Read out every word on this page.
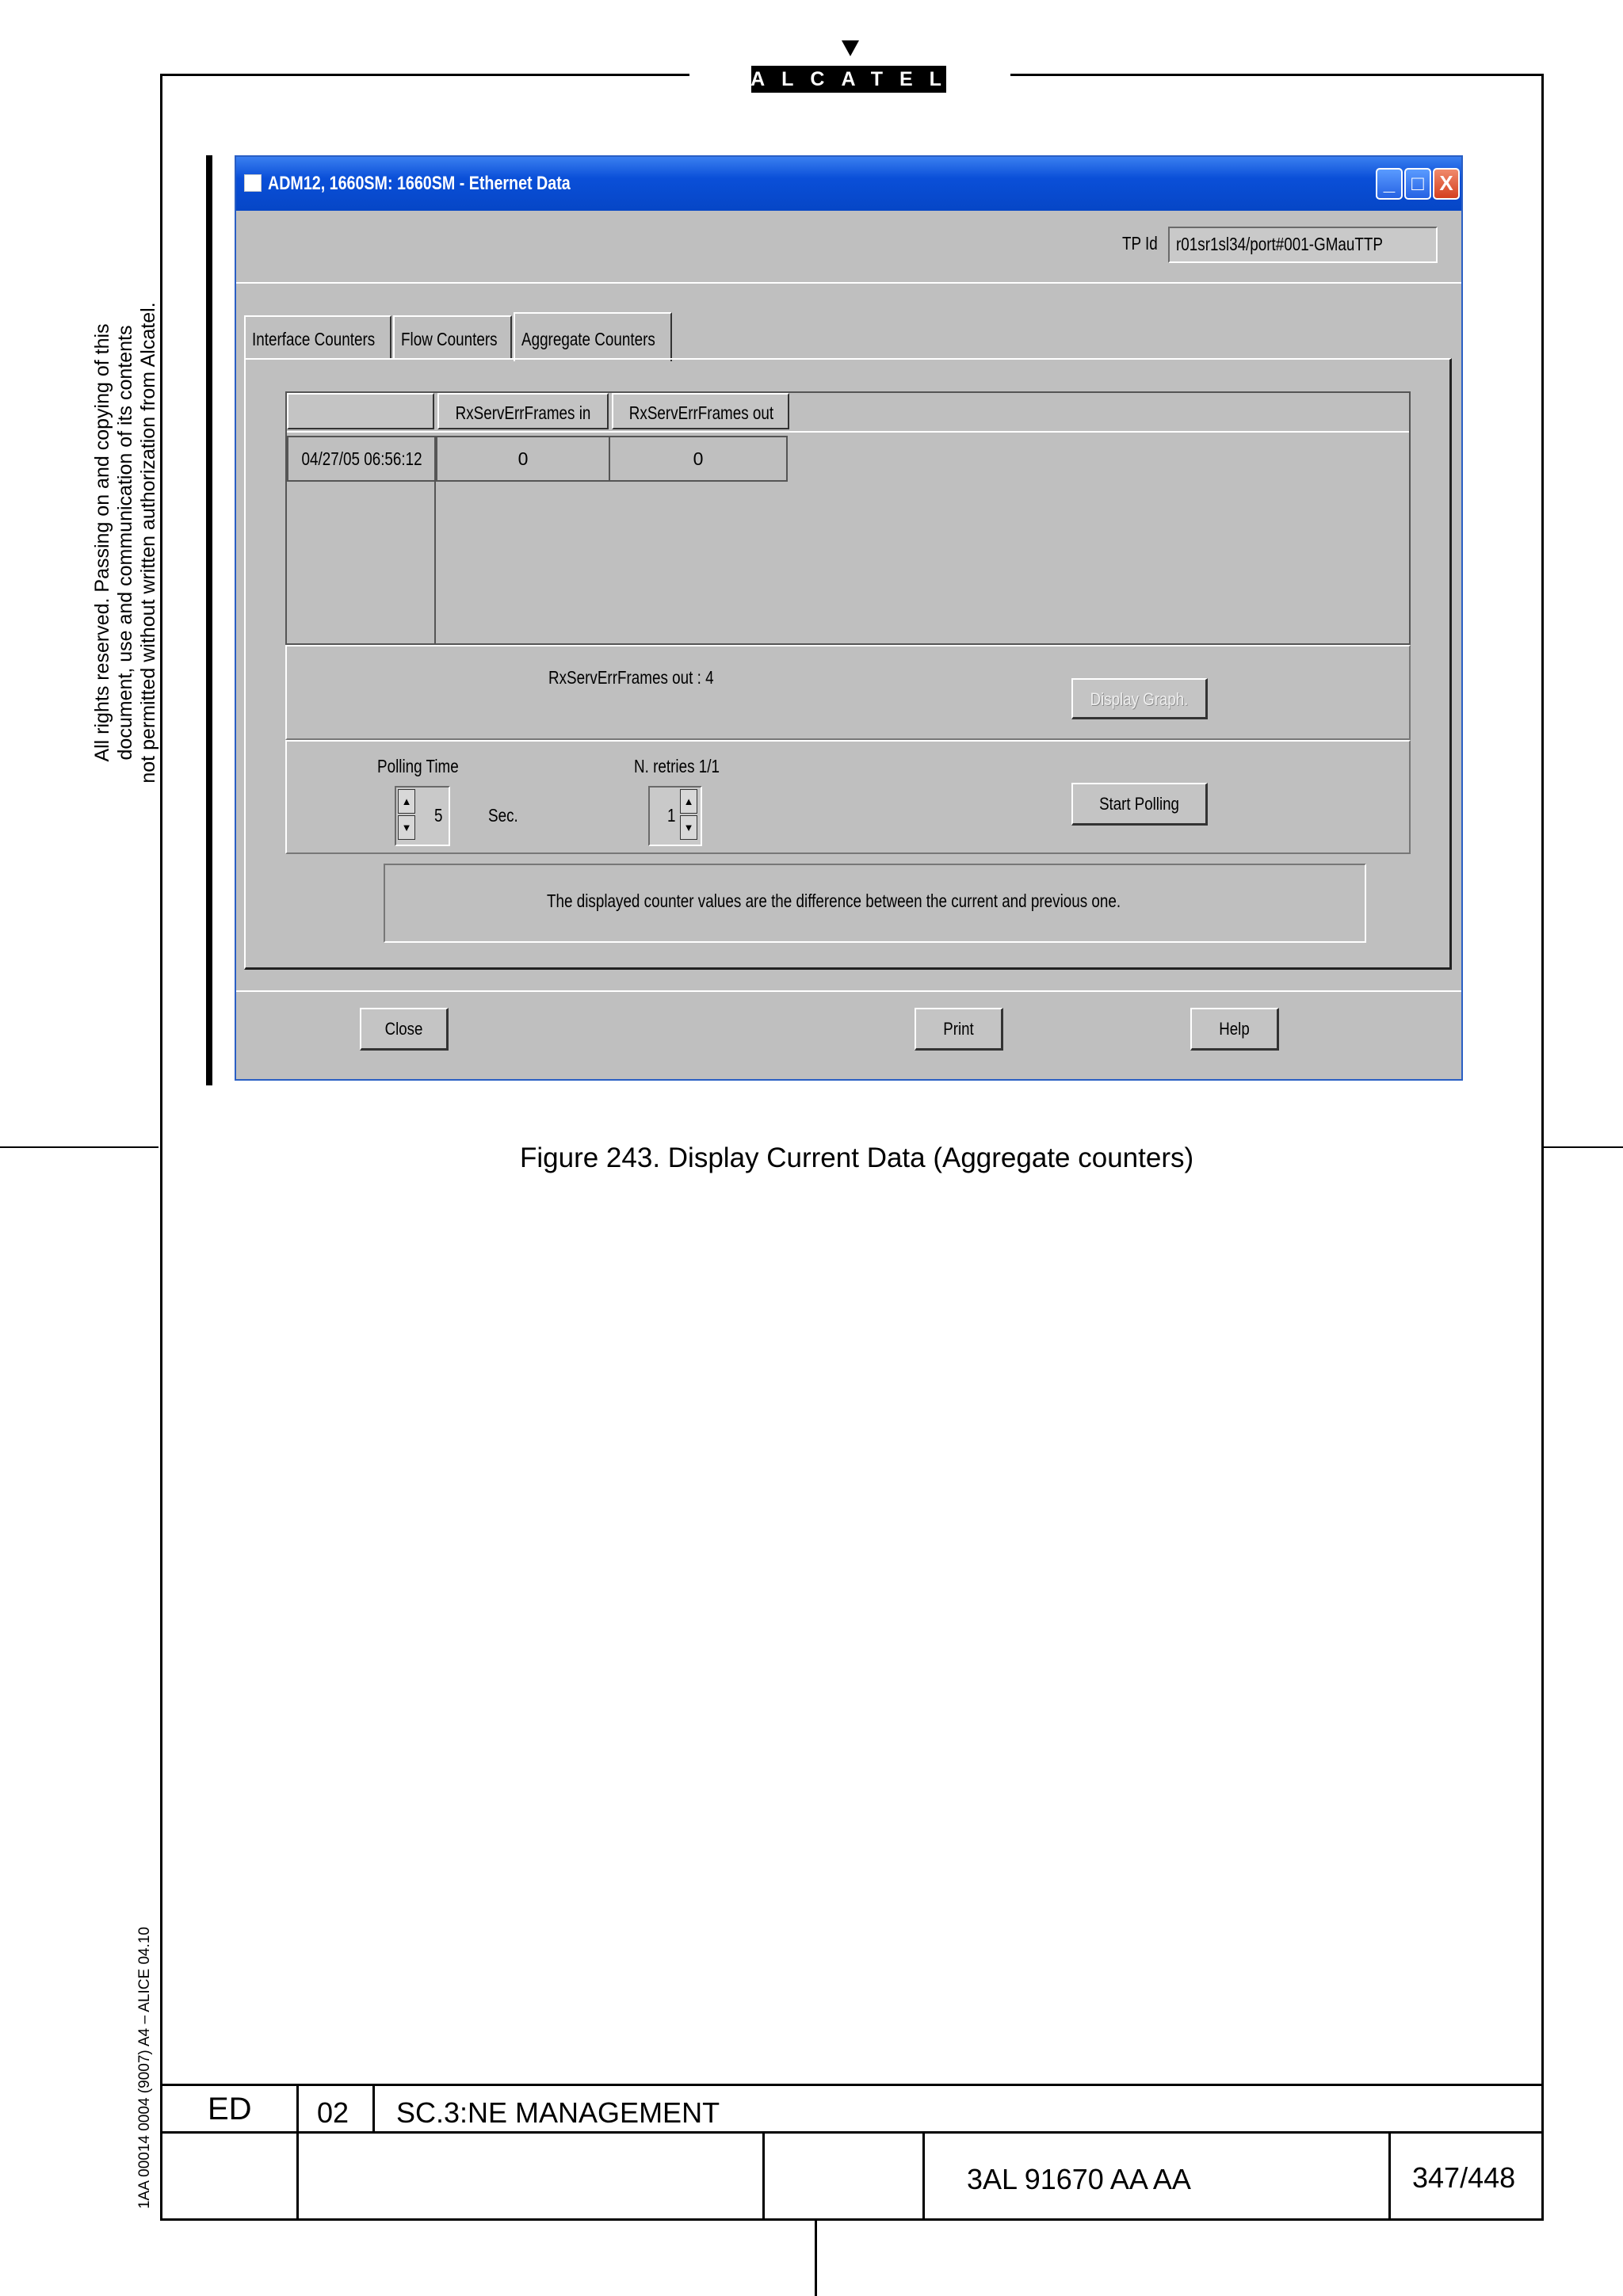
ALCATEL
All rights reserved. Passing on and copying of this document, use and communication of its contents not permitted without written authorization from Alcatel.
1AA 00014 0004 (9007) A4 – ALICE 04.10
ADM12, 1660SM: 1660SM - Ethernet Data	_ □ X
TP Id r01sr1sl34/port#001-GMauTTP
Interface Counters Flow Counters Aggregate Counters
RxServErrFrames in RxServErrFrames out
04/27/05 06:56:12	0	0
RxServErrFrames out : 4
Display Graph.
Polling Time
▲
▼
5	Sec.
N. retries 1/1
1
▲
▼
Start Polling
The displayed counter values are the difference between the current and previous one.
Close	Print	Help
Figure 243. Display Current Data (Aggregate counters)
ED 02 SC.3:NE MANAGEMENT
3AL 91670 AA AA	347/448
